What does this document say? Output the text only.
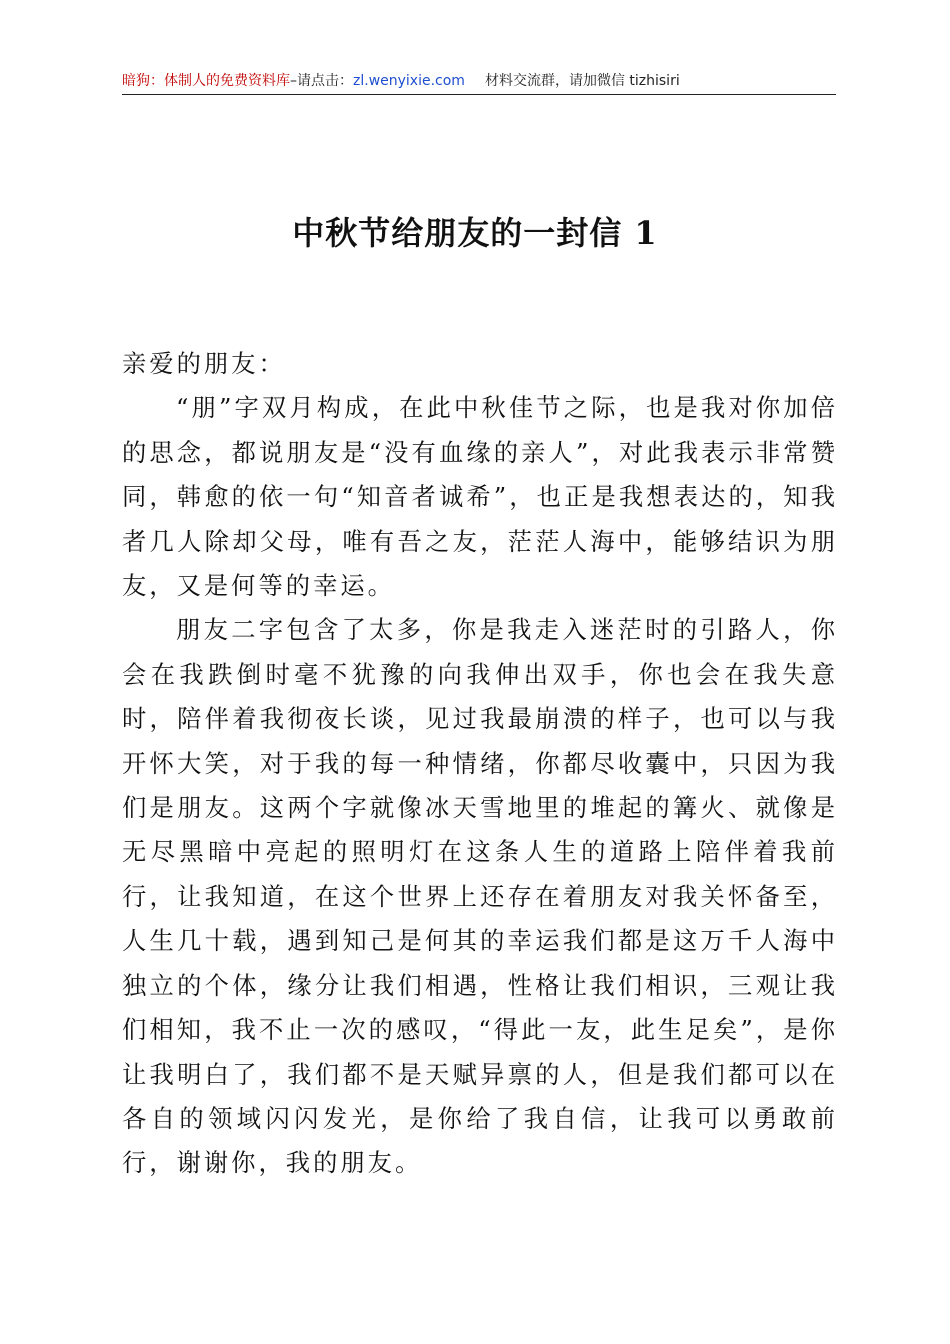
暗狗：体制人的免费资料库–请点击：zl.wenyixie.com 材料交流群，请加微信 tizhisiri
中秋节给朋友的一封信 1

亲爱的朋友：

“朋”字双月构成，在此中秋佳节之际，也是我对你加倍的思念，都说朋友是“没有血缘的亲人”，对此我表示非常赞同，韩愈的依一句“知音者诚希”，也正是我想表达的，知我者几人除却父母，唯有吾之友，茫茫人海中，能够结识为朋友，又是何等的幸运。

朋友二字包含了太多，你是我走入迷茫时的引路人，你会在我跌倒时毫不犹豫的向我伸出双手，你也会在我失意时，陪伴着我彻夜长谈，见过我最崩溃的样子，也可以与我开怀大笑，对于我的每一种情绪，你都尽收囊中，只因为我们是朋友。这两个字就像冰天雪地里的堆起的篝火、就像是无尽黑暗中亮起的照明灯在这条人生的道路上陪伴着我前行，让我知道，在这个世界上还存在着朋友对我关怀备至，人生几十载，遇到知己是何其的幸运我们都是这万千人海中独立的个体，缘分让我们相遇，性格让我们相识，三观让我们相知，我不止一次的感叹，“得此一友，此生足矣”，是你让我明白了，我们都不是天赋异禀的人，但是我们都可以在各自的领域闪闪发光，是你给了我自信，让我可以勇敢前行，谢谢你，我的朋友。
